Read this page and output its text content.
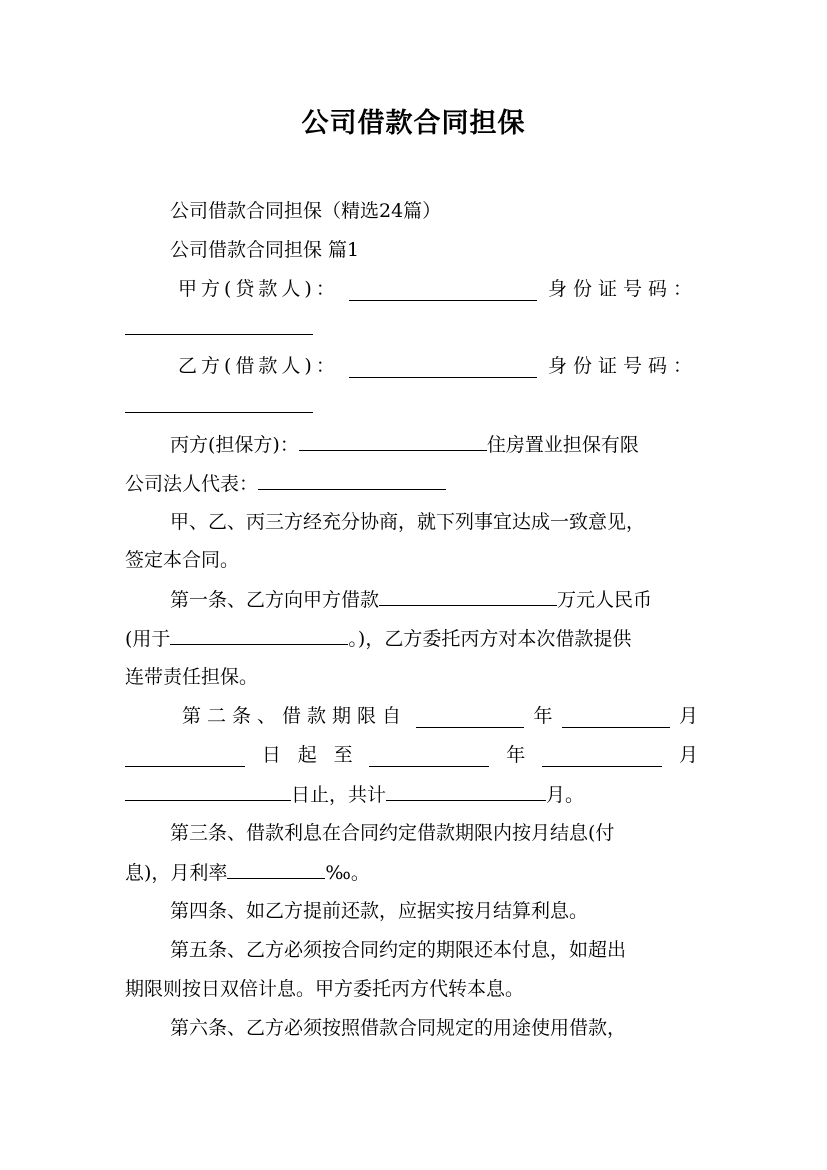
公司借款合同担保
公司借款合同担保（精选24篇）
公司借款合同担保 篇1
甲方(贷款人)：	身份证号码：
乙方(借款人)：	身份证号码：
丙方(担保方)：	住房置业担保有限
公司法人代表：
甲、乙、丙三方经充分协商，就下列事宜达成一致意见，
签定本合同。
第一条、乙方向甲方借款	万元人民币
(用于	。)，乙方委托丙方对本次借款提供
连带责任担保。
第二条、借款期限自	年	月
日 起 至	年	月
日止，共计	月。
第三条、借款利息在合同约定借款期限内按月结息(付
息)，月利率	‰。
第四条、如乙方提前还款，应据实按月结算利息。
第五条、乙方必须按合同约定的期限还本付息，如超出
期限则按日双倍计息。甲方委托丙方代转本息。
第六条、乙方必须按照借款合同规定的用途使用借款，
